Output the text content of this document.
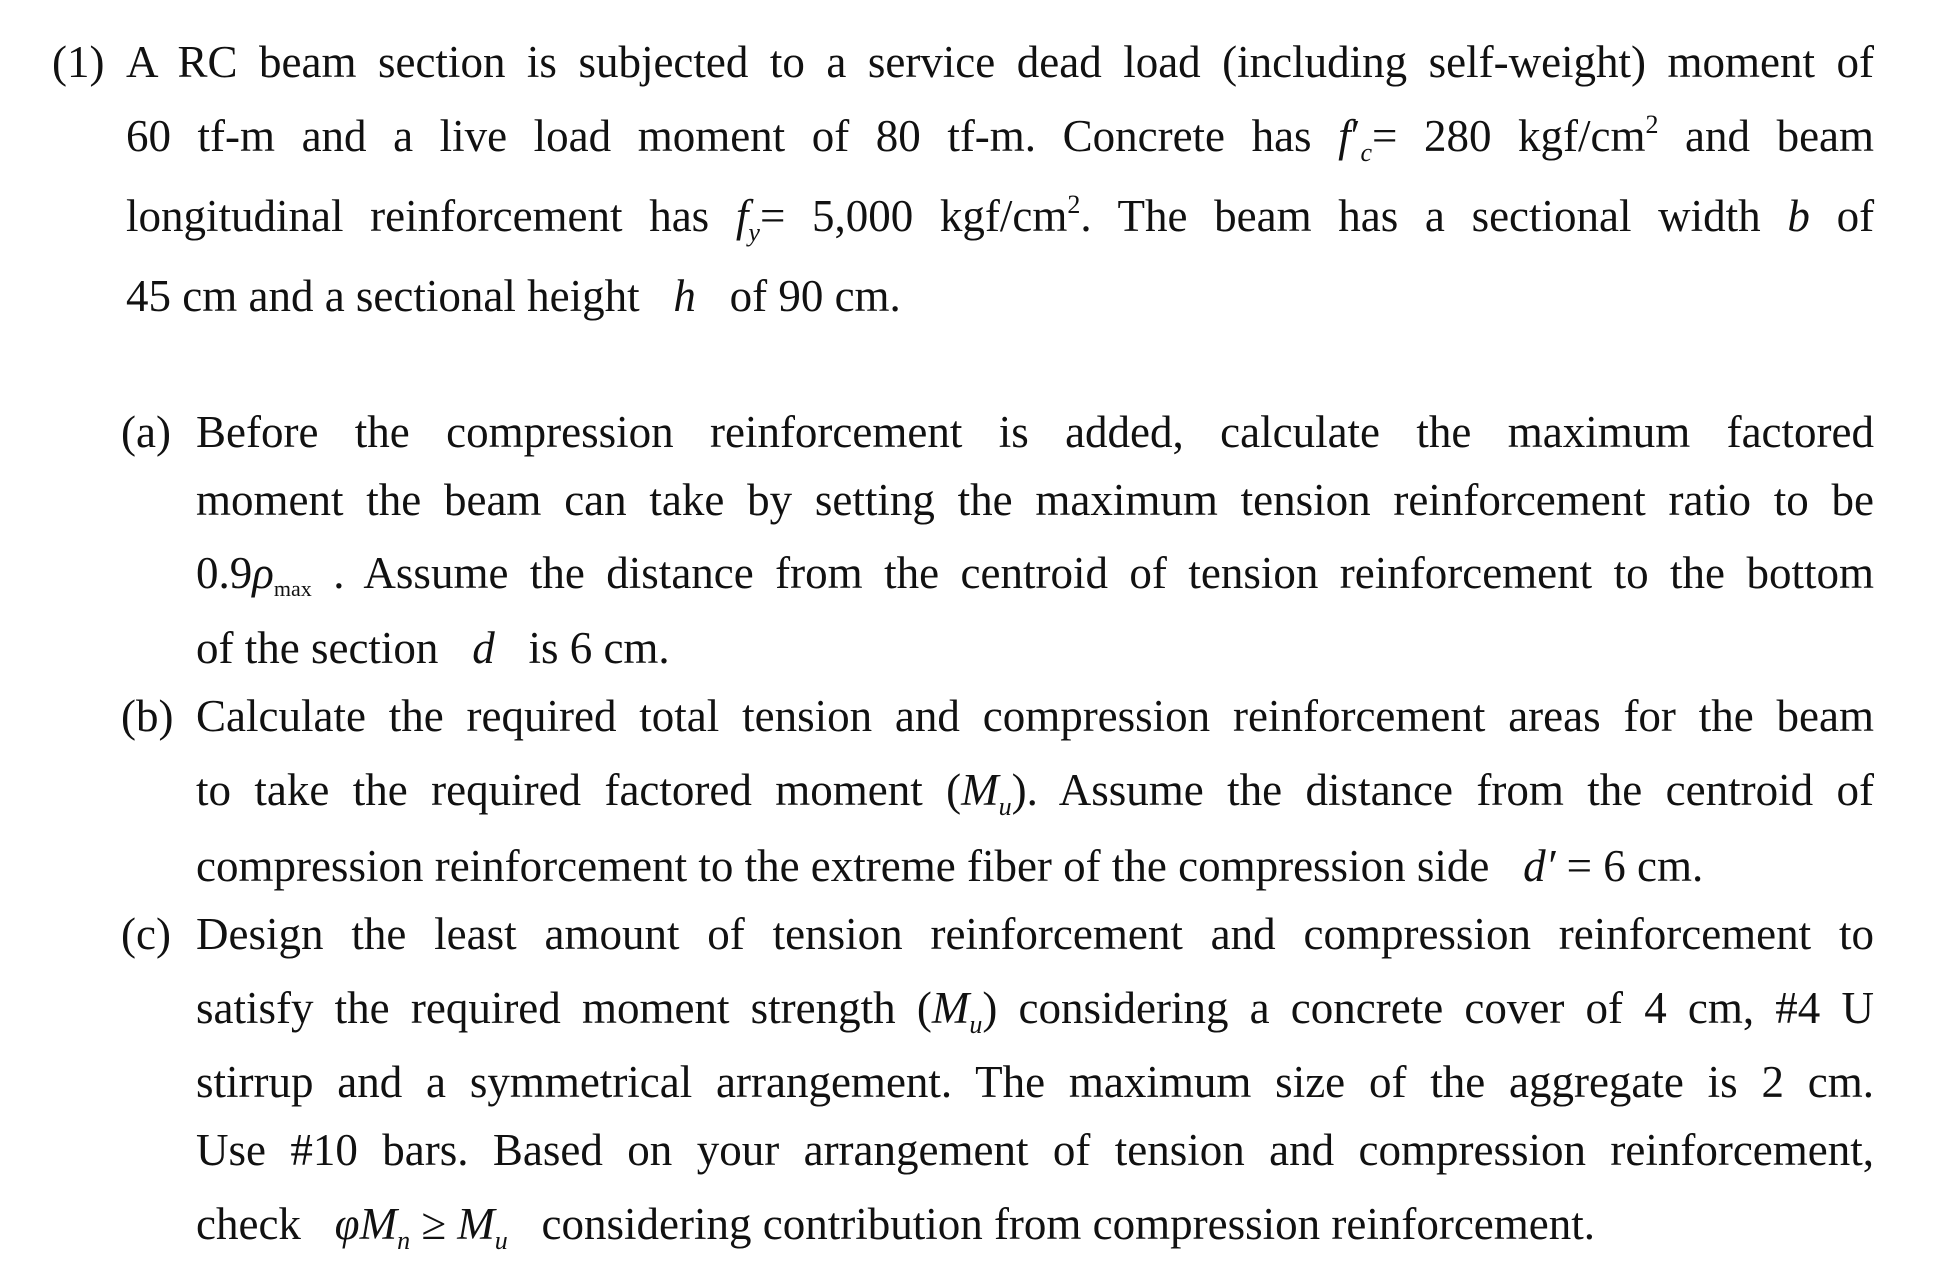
(1) A RC beam section is subjected to a service dead load (including self-weight) moment of
60 tf-m and a live load moment of 80 tf-m. Concrete has $f'_c= 280$ kgf/$cm^2$ and beam
longitudinal reinforcement has $f_y= 5,000$ kgf/$cm^2$. The beam has a sectional width b of
45 cm and a sectional height h of 90 cm.
(a) Before the compression reinforcement is added, calculate the maximum factored
moment the beam can take by setting the maximum tension reinforcement ratio to be
0.9ρmax . Assume the distance from the centroid of tension reinforcement to the bottom
of the section d is 6 cm.
(b) Calculate the required total tension and compression reinforcement areas for the beam
to take the required factored moment $(M_u)$. Assume the distance from the centroid of
compression reinforcement to the extreme fiber of the compression side d′ = 6 cm.
(c) Design the least amount of tension reinforcement and compression reinforcement to
satisfy the required moment strength $(M_u)$ considering a concrete cover of 4 cm, #4 U
stirrup and a symmetrical arrangement. The maximum size of the aggregate is 2 cm.
Use #10 bars. Based on your arrangement of tension and compression reinforcement,
check $\varphi M_n \ge M_u$ considering contribution from compression reinforcement.
